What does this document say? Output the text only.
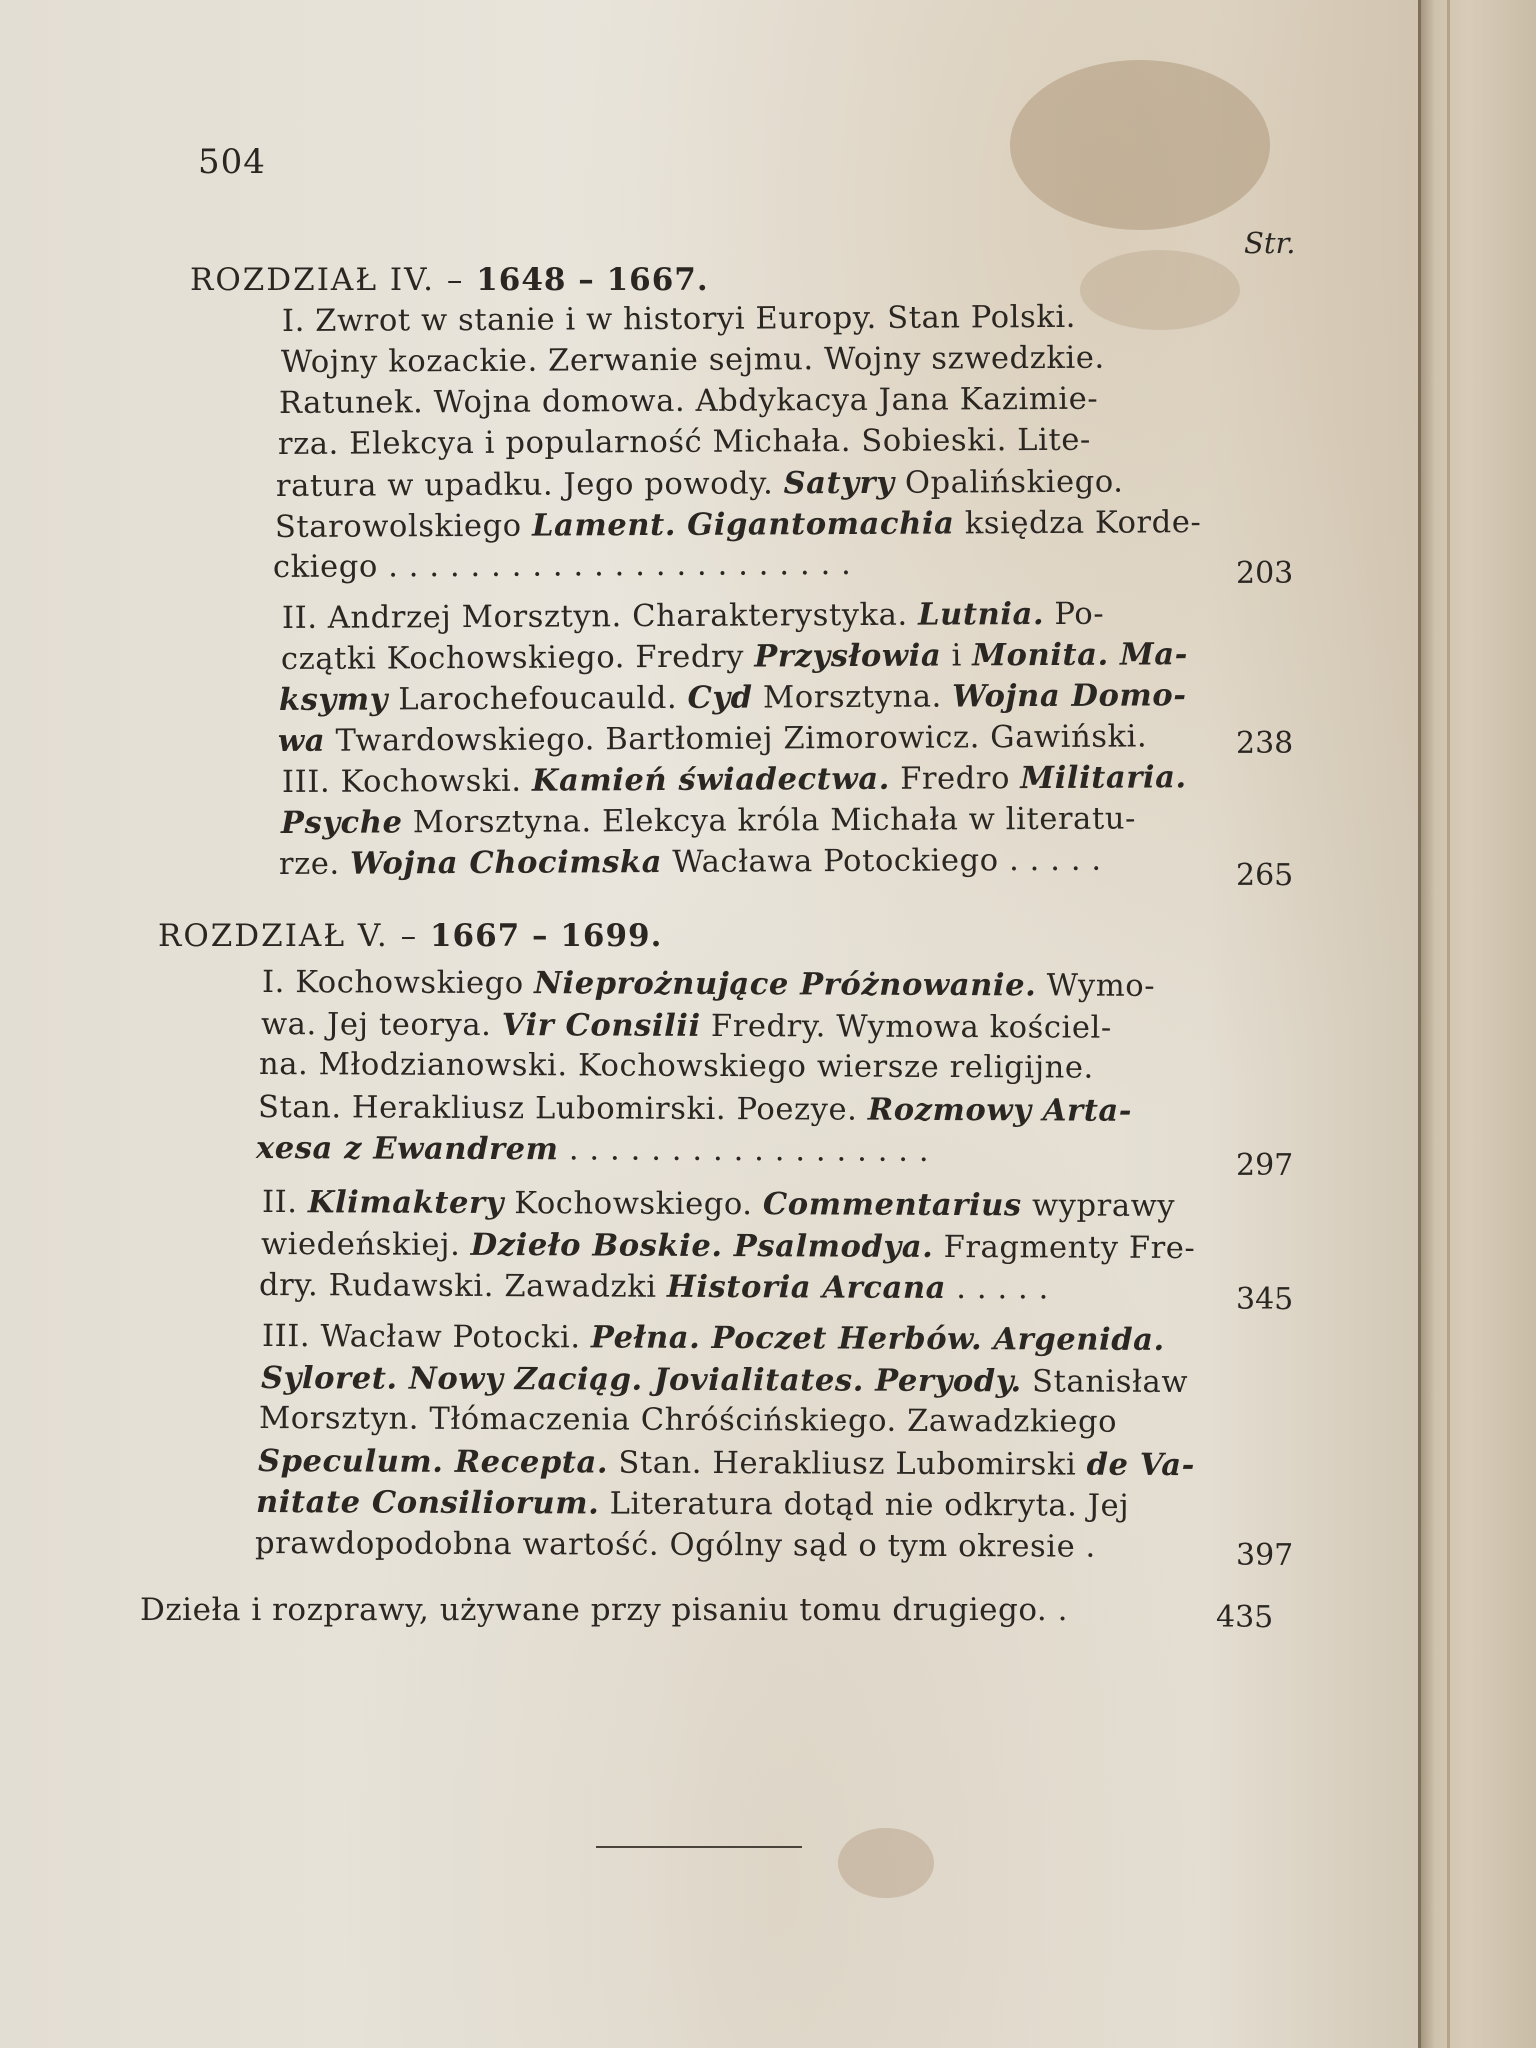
504
Str.
ROZDZIAŁ IV. – 1648 – 1667.
I. Zwrot w stanie i w historyi Europy. Stan Polski.
Wojny kozackie. Zerwanie sejmu. Wojny szwedzkie.
Ratunek. Wojna domowa. Abdykacya Jana Kazimie-
rza. Elekcya i popularność Michała. Sobieski. Lite-
ratura w upadku. Jego powody. Satyry Opalińskiego.
Starowolskiego Lament. Gigantomachia księdza Korde-
ckiego . . . . . . . . . . . . . . . . . . . . . . .	203
II. Andrzej Morsztyn. Charakterystyka. Lutnia. Po-
czątki Kochowskiego. Fredry Przysłowia i Monita. Ma-
ksymy Larochefoucauld. Cyd Morsztyna. Wojna Domo-
wa Twardowskiego. Bartłomiej Zimorowicz. Gawiński.	238
III. Kochowski. Kamień świadectwa. Fredro Militaria.
Psyche Morsztyna. Elekcya króla Michała w literatu-
rze. Wojna Chocimska Wacława Potockiego . . . . .	265
ROZDZIAŁ V. – 1667 – 1699.
I. Kochowskiego Nieprożnujące Próżnowanie. Wymo-
wa. Jej teorya. Vir Consilii Fredry. Wymowa kościel-
na. Młodzianowski. Kochowskiego wiersze religijne.
Stan. Herakliusz Lubomirski. Poezye. Rozmowy Arta-
xesa z Ewandrem . . . . . . . . . . . . . . . . . .	297
II. Klimaktery Kochowskiego. Commentarius wyprawy
wiedeńskiej. Dzieło Boskie. Psalmodya. Fragmenty Fre-
dry. Rudawski. Zawadzki Historia Arcana . . . . .	345
III. Wacław Potocki. Pełna. Poczet Herbów. Argenida.
Syloret. Nowy Zaciąg. Jovialitates. Peryody. Stanisław
Morsztyn. Tłómaczenia Chróścińskiego. Zawadzkiego
Speculum. Recepta. Stan. Herakliusz Lubomirski de Va-
nitate Consiliorum. Literatura dotąd nie odkryta. Jej
prawdopodobna wartość. Ogólny sąd o tym okresie .	397
Dzieła i rozprawy, używane przy pisaniu tomu drugiego. .	435
